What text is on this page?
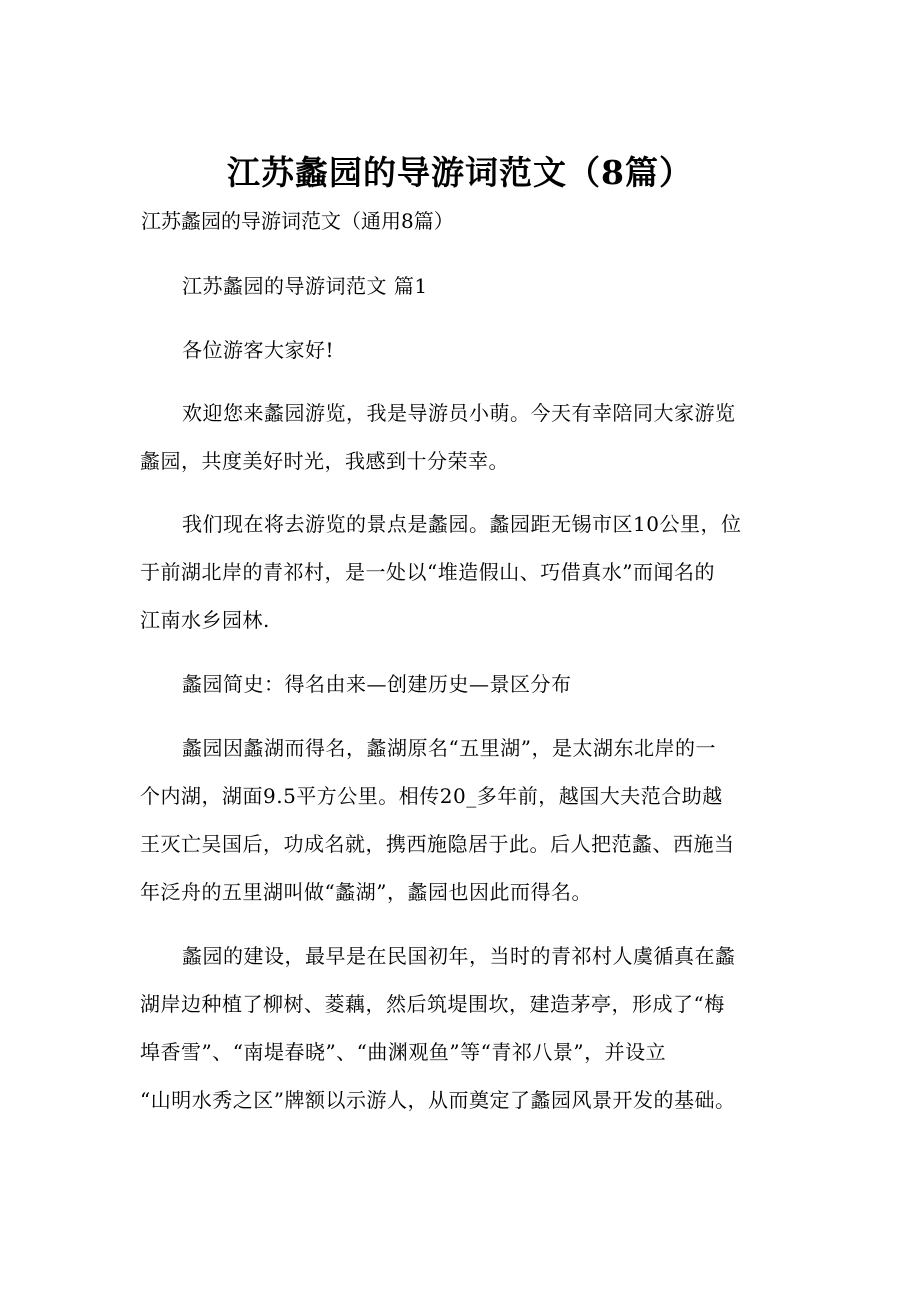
江苏蠡园的导游词范文（8篇）
江苏蠡园的导游词范文（通用8篇）
江苏蠡园的导游词范文 篇1
各位游客大家好!
欢迎您来蠡园游览，我是导游员小萌。今天有幸陪同大家游览
蠡园，共度美好时光，我感到十分荣幸。
我们现在将去游览的景点是蠡园。蠡园距无锡市区10公里，位
于前湖北岸的青祁村，是一处以“堆造假山、巧借真水”而闻名的
江南水乡园林.
蠡园简史：得名由来—创建历史—景区分布
蠡园因蠡湖而得名，蠡湖原名“五里湖”，是太湖东北岸的一
个内湖，湖面9.5平方公里。相传20_多年前，越国大夫范合助越
王灭亡吴国后，功成名就，携西施隐居于此。后人把范蠡、西施当
年泛舟的五里湖叫做“蠡湖”，蠡园也因此而得名。
蠡园的建设，最早是在民国初年，当时的青祁村人虞循真在蠡
湖岸边种植了柳树、菱藕，然后筑堤围坎，建造茅亭，形成了“梅
埠香雪”、“南堤春晓”、“曲渊观鱼”等“青祁八景”，并设立
“山明水秀之区”牌额以示游人，从而奠定了蠡园风景开发的基础。
